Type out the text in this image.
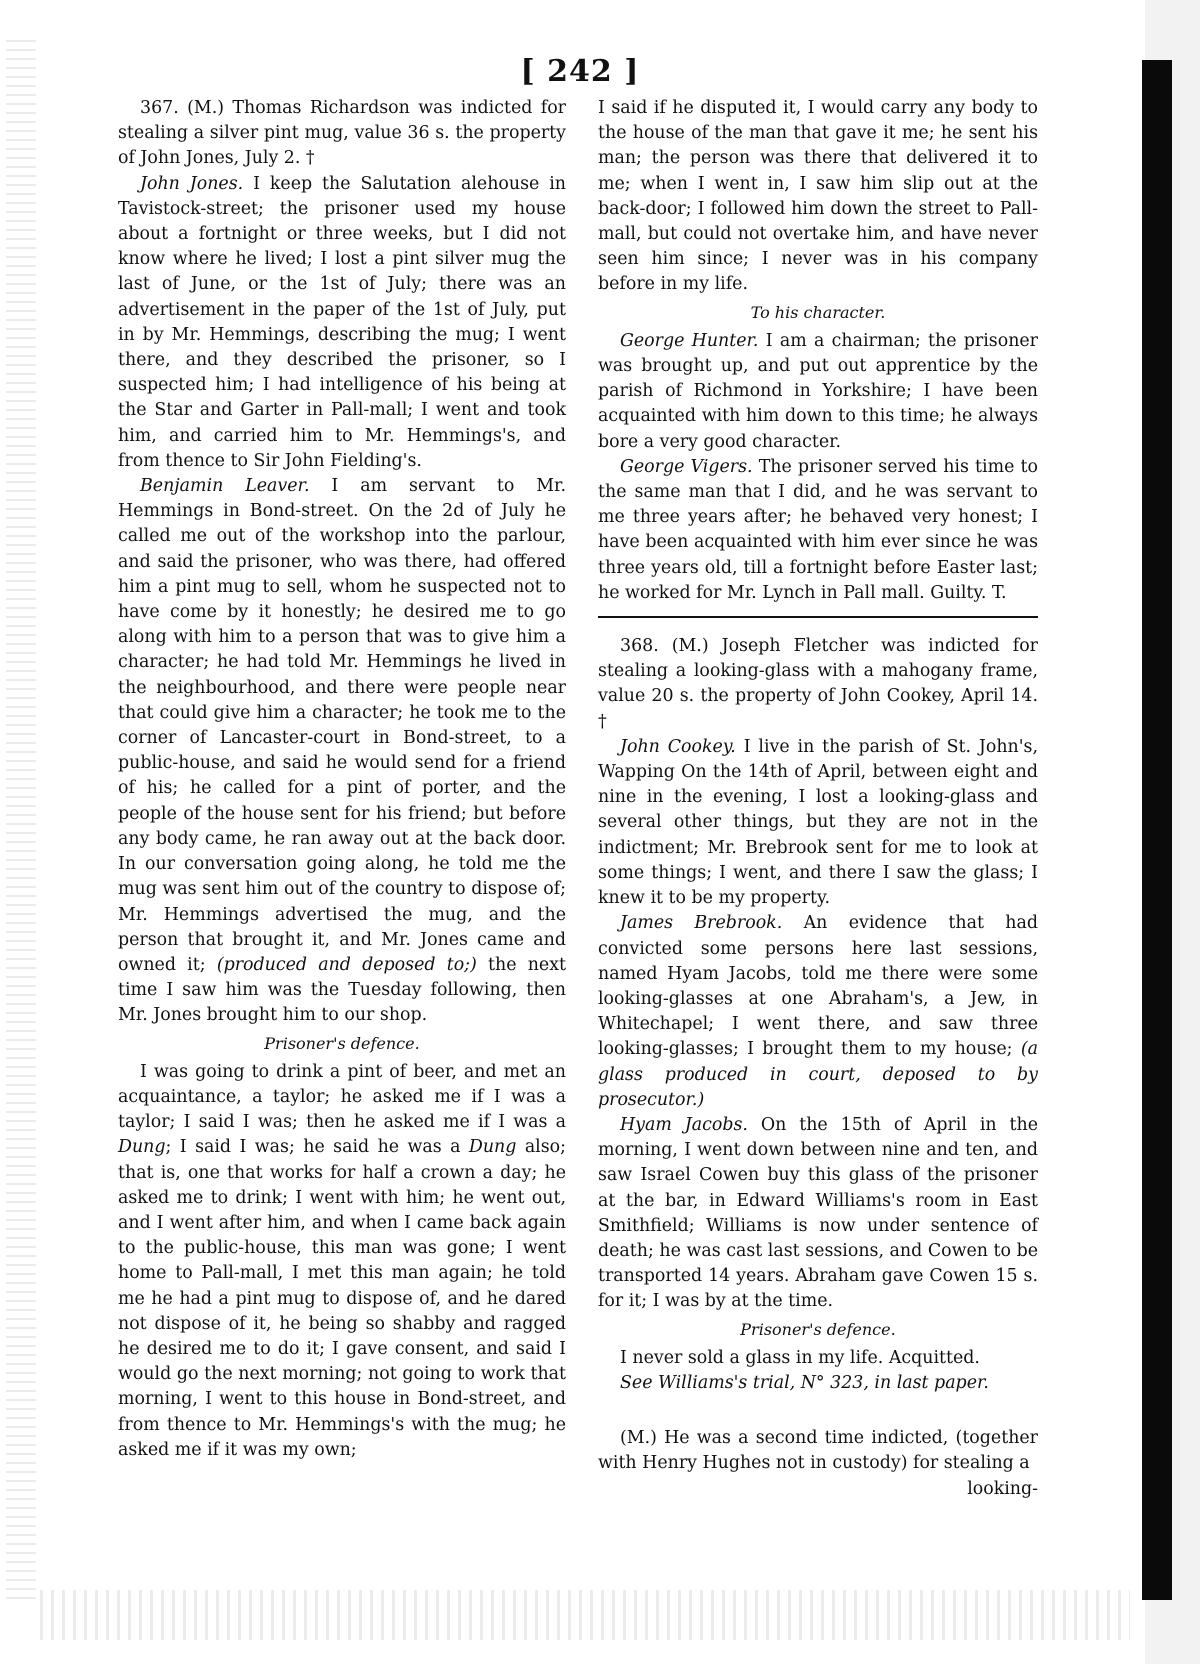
[ 242 ]

367. (M.) Thomas Richardson was indicted for stealing a silver pint mug, value 36 s. the property of John Jones, July 2. †

John Jones. I keep the Salutation alehouse in Tavistock-street; the prisoner used my house about a fortnight or three weeks, but I did not know where he lived; I lost a pint silver mug the last of June, or the 1st of July; there was an advertisement in the paper of the 1st of July, put in by Mr. Hemmings, describing the mug; I went there, and they described the prisoner, so I suspected him; I had intelligence of his being at the Star and Garter in Pall-mall; I went and took him, and carried him to Mr. Hemmings's, and from thence to Sir John Fielding's.

Benjamin Leaver. I am servant to Mr. Hemmings in Bond-street. On the 2d of July he called me out of the workshop into the parlour, and said the prisoner, who was there, had offered him a pint mug to sell, whom he suspected not to have come by it honestly; he desired me to go along with him to a person that was to give him a character; he had told Mr. Hemmings he lived in the neighbourhood, and there were people near that could give him a character; he took me to the corner of Lancaster-court in Bond-street, to a public-house, and said he would send for a friend of his; he called for a pint of porter, and the people of the house sent for his friend; but before any body came, he ran away out at the back door. In our conversation going along, he told me the mug was sent him out of the country to dispose of; Mr. Hemmings advertised the mug, and the person that brought it, and Mr. Jones came and owned it; (produced and deposed to;) the next time I saw him was the Tuesday following, then Mr. Jones brought him to our shop.

Prisoner's defence.

I was going to drink a pint of beer, and met an acquaintance, a taylor; he asked me if I was a taylor; I said I was; then he asked me if I was a Dung; I said I was; he said he was a Dung also; that is, one that works for half a crown a day; he asked me to drink; I went with him; he went out, and I went after him, and when I came back again to the public-house, this man was gone; I went home to Pall-mall, I met this man again; he told me he had a pint mug to dispose of, and he dared not dispose of it, he being so shabby and ragged he desired me to do it; I gave consent, and said I would go the next morning; not going to work that morning, I went to this house in Bond-street, and from thence to Mr. Hemmings's with the mug; he asked me if it was my own;

I said if he disputed it, I would carry any body to the house of the man that gave it me; he sent his man; the person was there that delivered it to me; when I went in, I saw him slip out at the back-door; I followed him down the street to Pall-mall, but could not overtake him, and have never seen him since; I never was in his company before in my life.

To his character.

George Hunter. I am a chairman; the prisoner was brought up, and put out apprentice by the parish of Richmond in Yorkshire; I have been acquainted with him down to this time; he always bore a very good character.

George Vigers. The prisoner served his time to the same man that I did, and he was servant to me three years after; he behaved very honest; I have been acquainted with him ever since he was three years old, till a fortnight before Easter last; he worked for Mr. Lynch in Pall mall. Guilty. T.

368. (M.) Joseph Fletcher was indicted for stealing a looking-glass with a mahogany frame, value 20 s. the property of John Cookey, April 14. †

John Cookey. I live in the parish of St. John's, Wapping On the 14th of April, between eight and nine in the evening, I lost a looking-glass and several other things, but they are not in the indictment; Mr. Brebrook sent for me to look at some things; I went, and there I saw the glass; I knew it to be my property.

James Brebrook. An evidence that had convicted some persons here last sessions, named Hyam Jacobs, told me there were some looking-glasses at one Abraham's, a Jew, in Whitechapel; I went there, and saw three looking-glasses; I brought them to my house; (a glass produced in court, deposed to by prosecutor.)

Hyam Jacobs. On the 15th of April in the morning, I went down between nine and ten, and saw Israel Cowen buy this glass of the prisoner at the bar, in Edward Williams's room in East Smithfield; Williams is now under sentence of death; he was cast last sessions, and Cowen to be transported 14 years. Abraham gave Cowen 15 s. for it; I was by at the time.

Prisoner's defence.

I never sold a glass in my life. Acquitted.

See Williams's trial, N° 323, in last paper.

(M.) He was a second time indicted, (together with Henry Hughes not in custody) for stealing a

looking-
